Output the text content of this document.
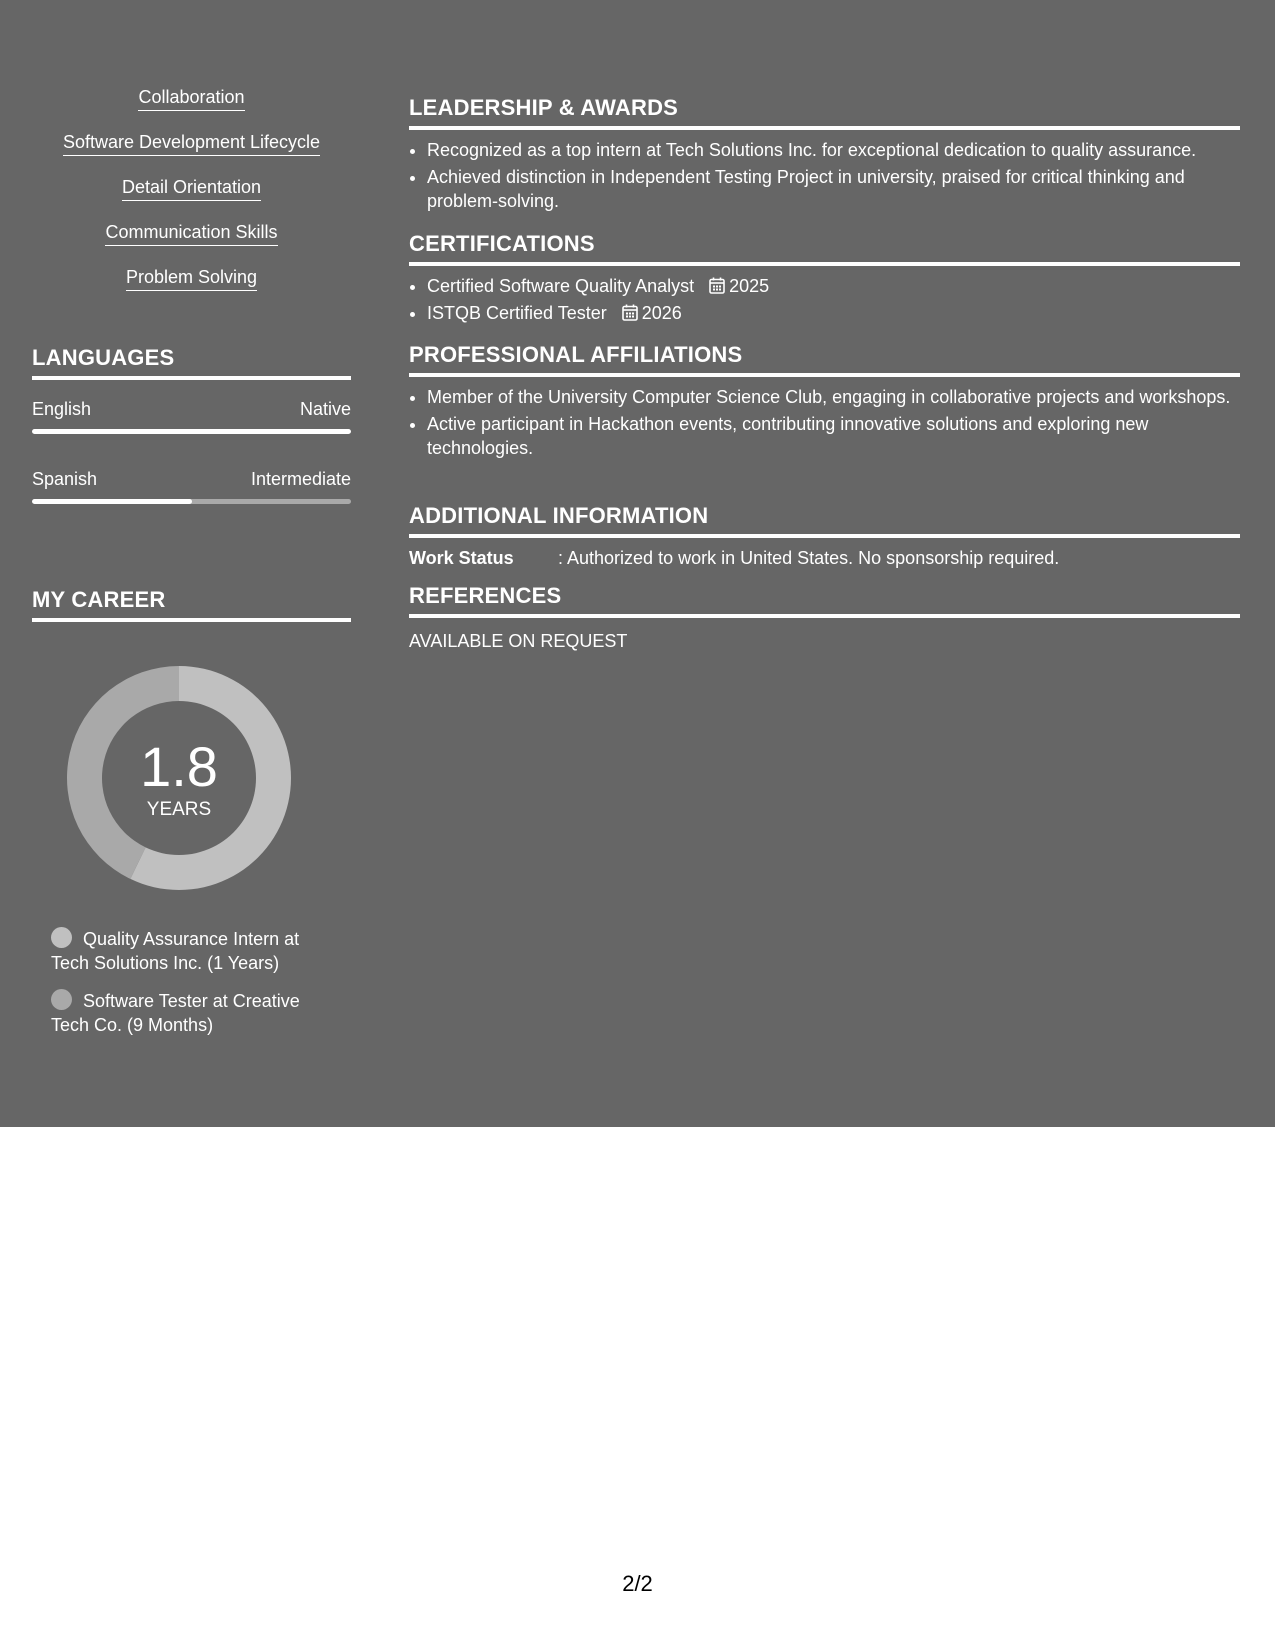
Collaboration
Software Development Lifecycle
Detail Orientation
Communication Skills
Problem Solving
LANGUAGES
English	Native
Spanish	Intermediate
MY CAREER
1.8
YEARS
Quality Assurance Intern at Tech Solutions Inc. (1 Years)
Software Tester at Creative Tech Co. (9 Months)
LEADERSHIP & AWARDS
• Recognized as a top intern at Tech Solutions Inc. for exceptional dedication to quality assurance.
• Achieved distinction in Independent Testing Project in university, praised for critical thinking and problem-solving.
CERTIFICATIONS
• Certified Software Quality Analyst 2025
• ISTQB Certified Tester 2026
PROFESSIONAL AFFILIATIONS
• Member of the University Computer Science Club, engaging in collaborative projects and workshops.
• Active participant in Hackathon events, contributing innovative solutions and exploring new technologies.
ADDITIONAL INFORMATION
Work Status : Authorized to work in United States. No sponsorship required.
REFERENCES
AVAILABLE ON REQUEST
2/2
